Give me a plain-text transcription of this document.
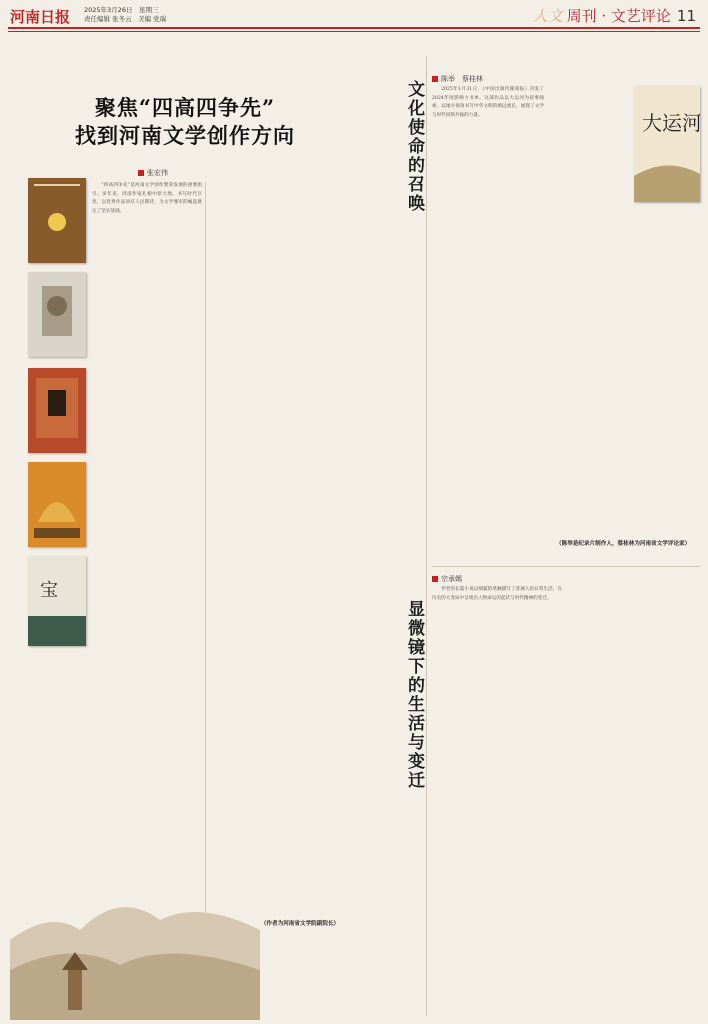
河南日报 2025年3月26日　星期三
责任编辑 张冬云　美编 党瑞	人文 周刊 · 文艺评论 11
聚焦“四高四争先”
找到河南文学创作方向
张宏伟
宝

“四高四争先”是河南文学创作繁荣发展的重要指引。多年来，河南作家扎根中原大地，书写时代巨变，以优秀作品回应人民期待，为文学豫军的崛起奠定了坚实基础。

（作者为河南省文学院副院长）
文化使命的召唤
陈举　蔡桂林

2025年1月31日，《中国出版传媒商报》刊发了2024年度影响力书单。这部作品以大运河为叙事线索，以地方视角书写中华文明的源远流长，展现了文学与时代同频共振的力量。	大运河
（陈举是纪录片制作人，蔡桂林为河南省文学评论家）
显微镜下的生活与变迁
宗承嫣

伊老的长篇小说以细腻的笔触描写了普通人的日常生活，在历史的大变局中呈现出人物命运的起伏与时代精神的变迁。
